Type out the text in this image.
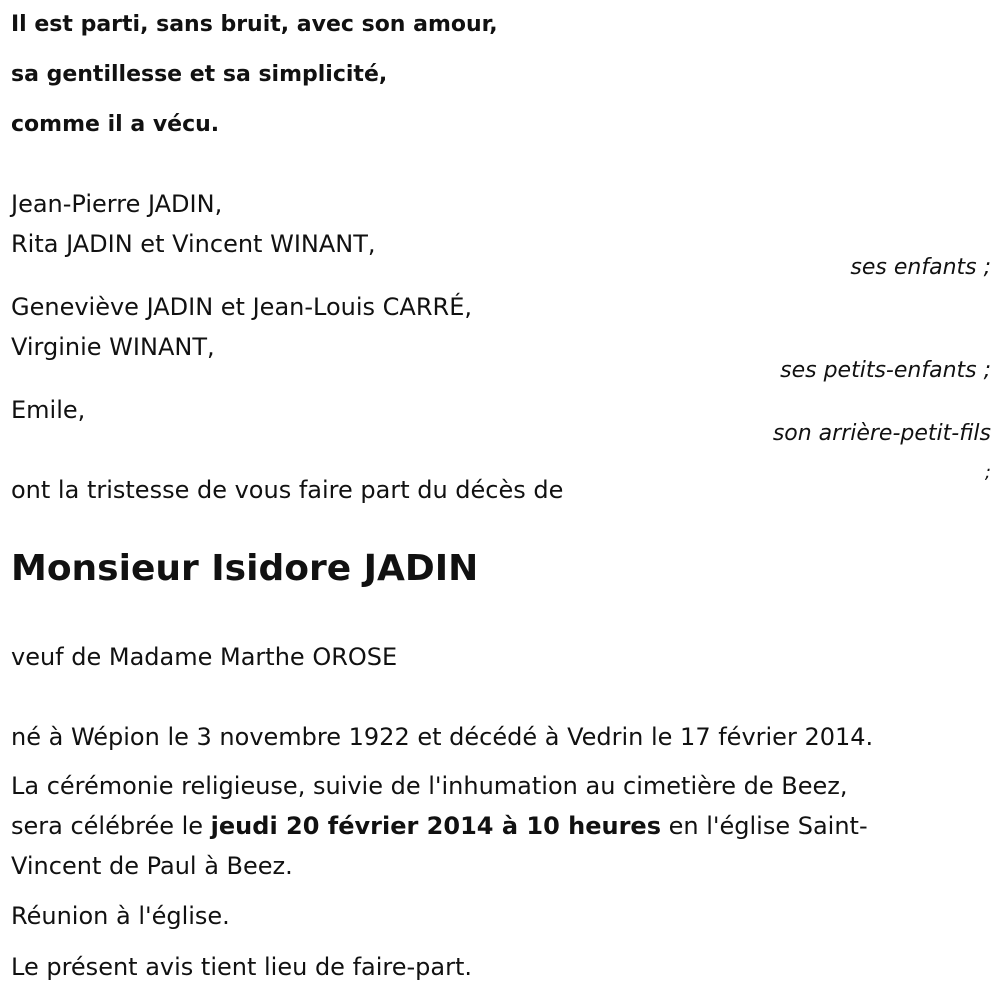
Il est parti, sans bruit, avec son amour,
sa gentillesse et sa simplicité,
comme il a vécu.
Jean-Pierre JADIN,
Rita JADIN et Vincent WINANT,
ses enfants ;
Geneviève JADIN et Jean-Louis CARRÉ,
Virginie WINANT,
ses petits-enfants ;
Emile,
son arrière-petit-fils
;
ont la tristesse de vous faire part du décès de
Monsieur Isidore JADIN
veuf de Madame Marthe OROSE
né à Wépion le 3 novembre 1922 et décédé à Vedrin le 17 février 2014.
La cérémonie religieuse, suivie de l'inhumation au cimetière de Beez,
sera célébrée le jeudi 20 février 2014 à 10 heures en l'église Saint-
Vincent de Paul à Beez.
Réunion à l'église.
Le présent avis tient lieu de faire-part.
